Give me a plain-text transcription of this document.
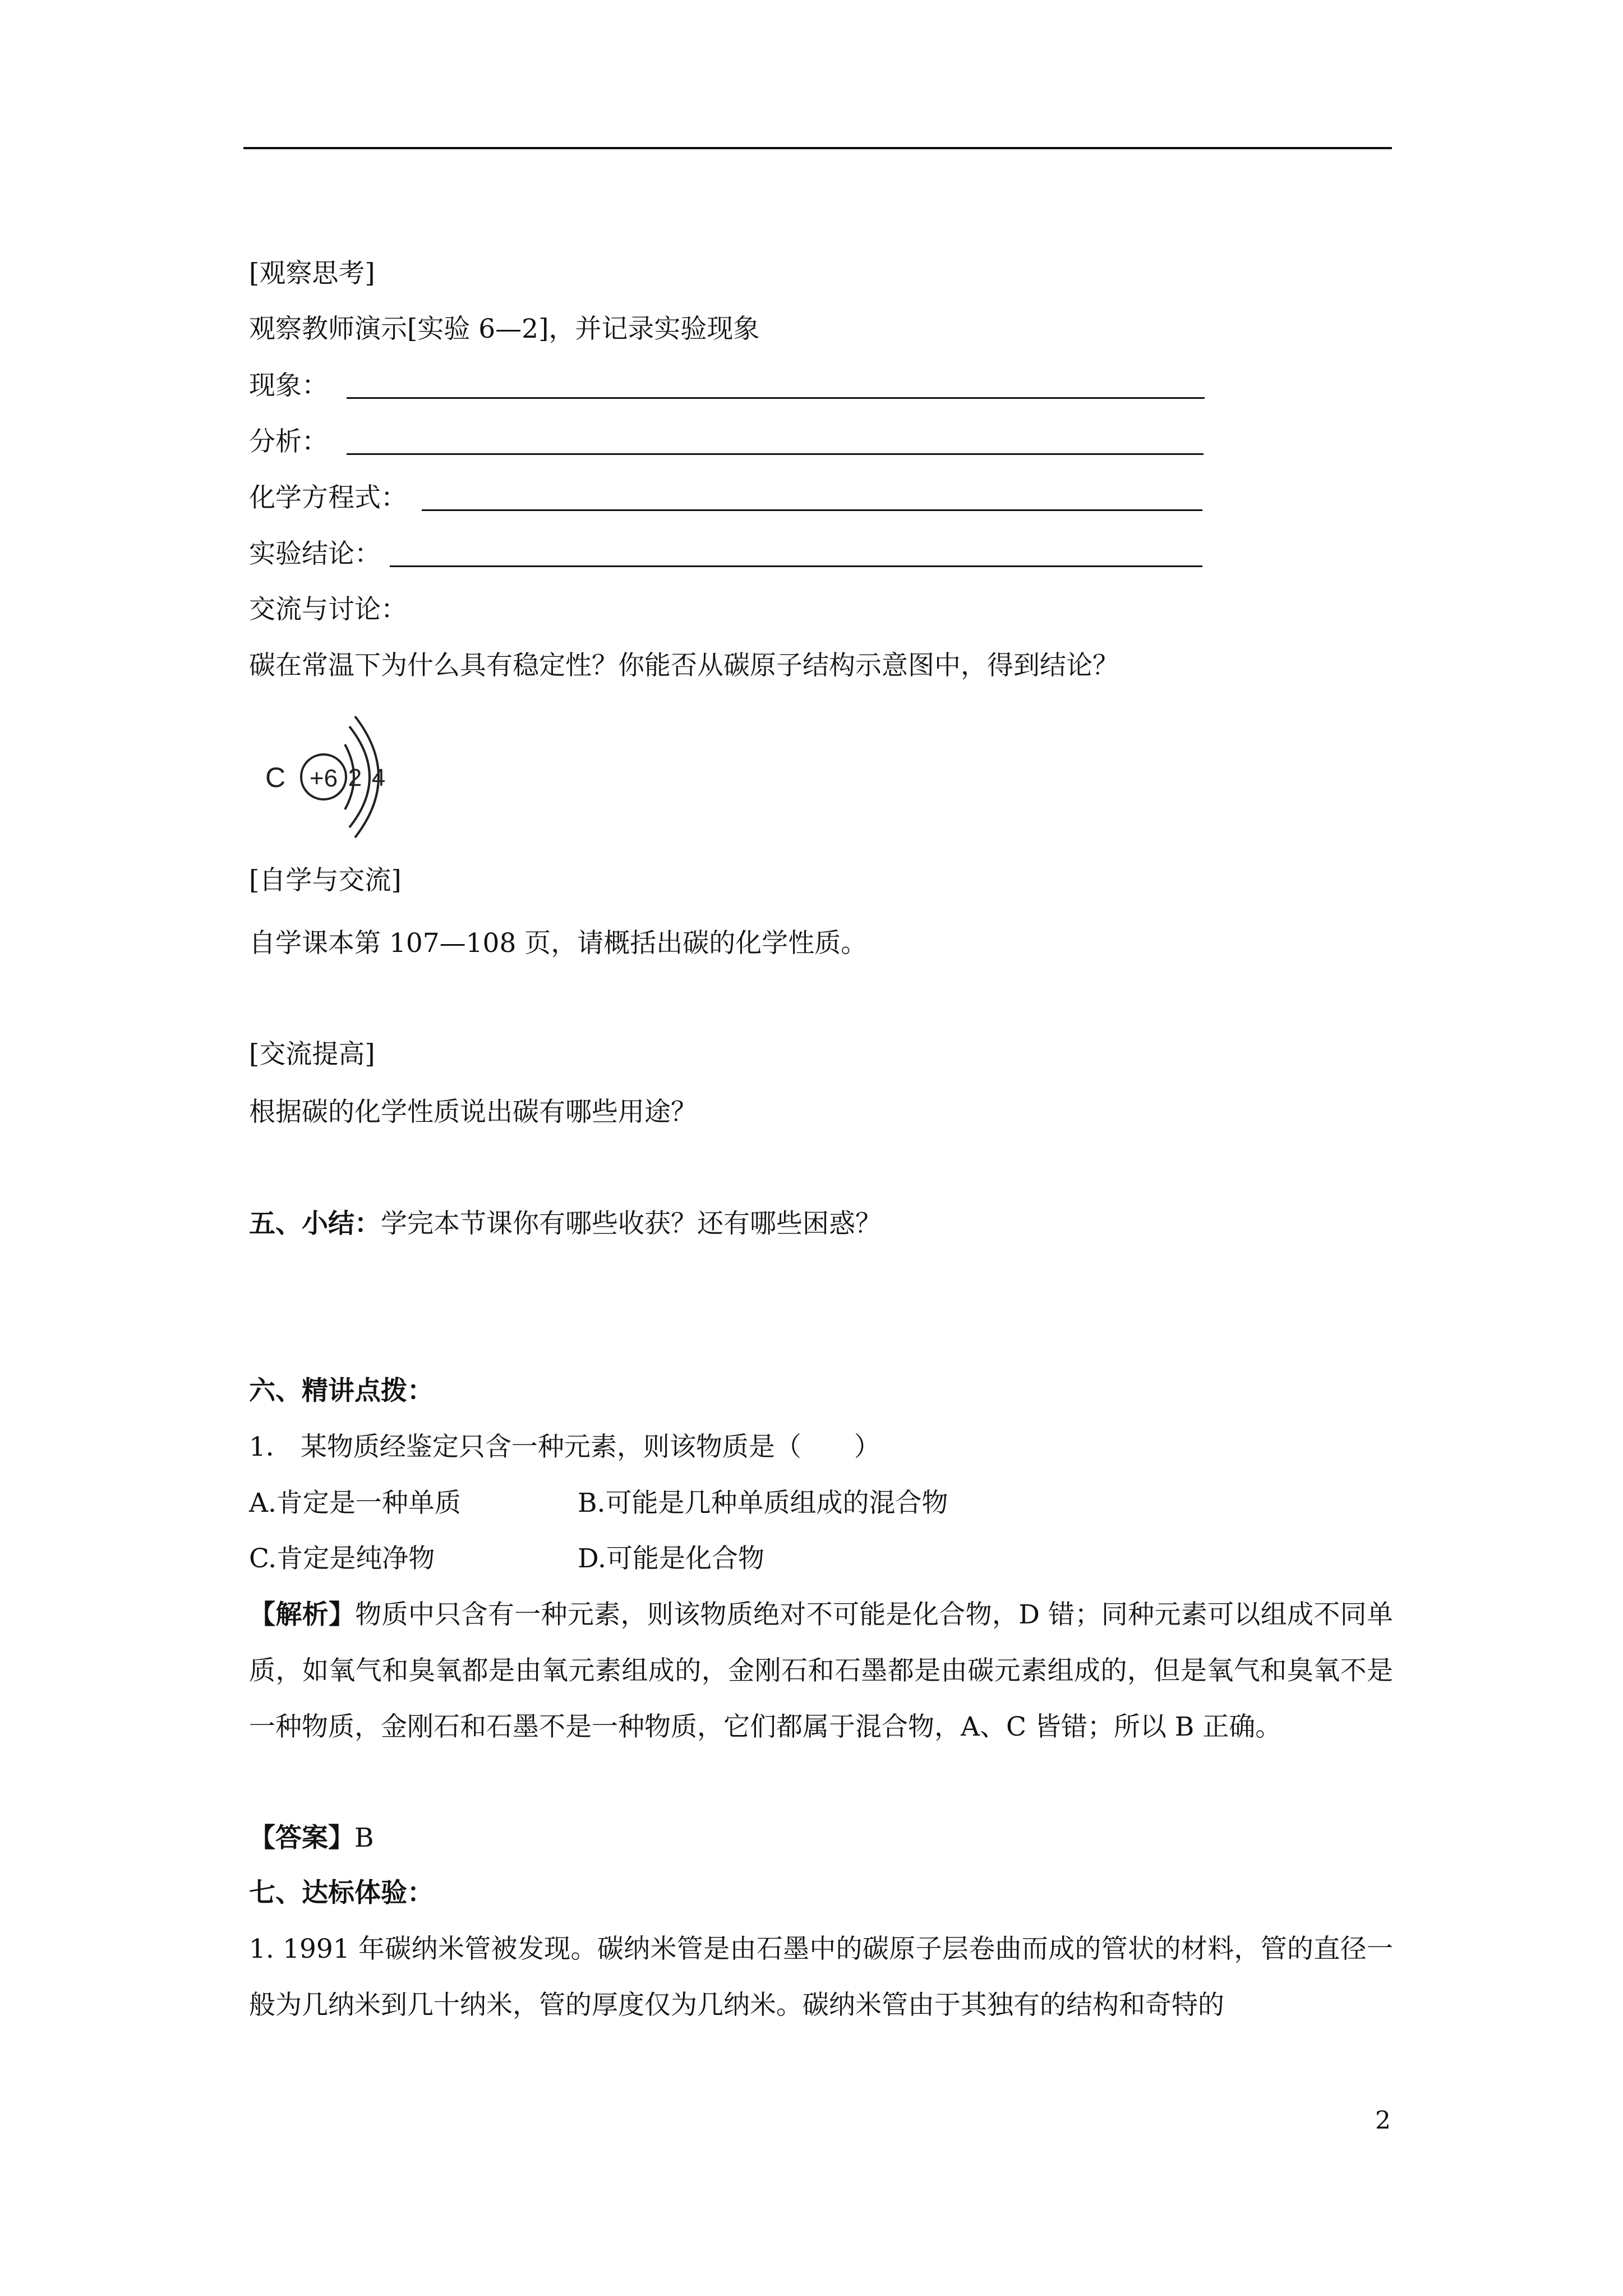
[观察思考]
观察教师演示[实验 6—2]，并记录实验现象
现象：
分析：
化学方程式：
实验结论：
交流与讨论：
碳在常温下为什么具有稳定性？你能否从碳原子结构示意图中，得到结论？
C +6 2 4
[自学与交流]
自学课本第 107—108 页，请概括出碳的化学性质。
[交流提高]
根据碳的化学性质说出碳有哪些用途？
五、小结：学完本节课你有哪些收获？还有哪些困惑？
六、精讲点拨：
1． 某物质经鉴定只含一种元素，则该物质是（　　）
A.肯定是一种单质	B.可能是几种单质组成的混合物
C.肯定是纯净物	D.可能是化合物
【解析】物质中只含有一种元素，则该物质绝对不可能是化合物，D 错；同种元素可以组成不同单质，如氧气和臭氧都是由氧元素组成的，金刚石和石墨都是由碳元素组成的，但是氧气和臭氧不是一种物质，金刚石和石墨不是一种物质，它们都属于混合物，A、C 皆错；所以 B 正确。
【答案】B
七、达标体验：
1. 1991 年碳纳米管被发现。碳纳米管是由石墨中的碳原子层卷曲而成的管状的材料，管的直径一般为几纳米到几十纳米，管的厚度仅为几纳米。碳纳米管由于其独有的结构和奇特的
2
